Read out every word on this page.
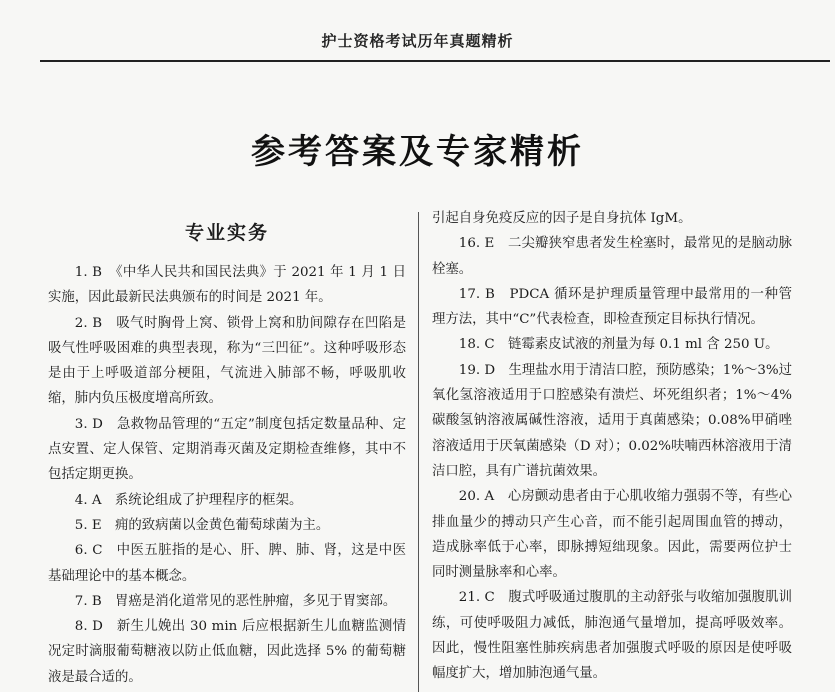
护士资格考试历年真题精析
参考答案及专家精析
专业实务

1. B　《中华人民共和国民法典》于 2021 年 1 月 1 日实施，因此最新民法典颁布的时间是 2021 年。

2. B　吸气时胸骨上窝、锁骨上窝和肋间隙存在凹陷是吸气性呼吸困难的典型表现，称为“三凹征”。这种呼吸形态是由于上呼吸道部分梗阻，气流进入肺部不畅，呼吸肌收缩，肺内负压极度增高所致。

3. D　急救物品管理的“五定”制度包括定数量品种、定点安置、定人保管、定期消毒灭菌及定期检查维修，其中不包括定期更换。

4. A　系统论组成了护理程序的框架。

5. E　痈的致病菌以金黄色葡萄球菌为主。

6. C　中医五脏指的是心、肝、脾、肺、肾，这是中医基础理论中的基本概念。

7. B　胃癌是消化道常见的恶性肿瘤，多见于胃窦部。

8. D　新生儿娩出 30 min 后应根据新生儿血糖监测情况定时滴服葡萄糖液以防止低血糖，因此选择 5% 的葡萄糖液是最合适的。

引起自身免疫反应的因子是自身抗体 IgM。

16. E　二尖瓣狭窄患者发生栓塞时，最常见的是脑动脉栓塞。

17. B　PDCA 循环是护理质量管理中最常用的一种管理方法，其中“C”代表检查，即检查预定目标执行情况。

18. C　链霉素皮试液的剂量为每 0.1 ml 含 250 U。

19. D　生理盐水用于清洁口腔，预防感染；1%～3%过氧化氢溶液适用于口腔感染有溃烂、坏死组织者；1%～4%碳酸氢钠溶液属碱性溶液，适用于真菌感染；0.08%甲硝唑溶液适用于厌氧菌感染（D 对）；0.02%呋喃西林溶液用于清洁口腔，具有广谱抗菌效果。

20. A　心房颤动患者由于心肌收缩力强弱不等，有些心排血量少的搏动只产生心音，而不能引起周围血管的搏动，造成脉率低于心率，即脉搏短绌现象。因此，需要两位护士同时测量脉率和心率。

21. C　腹式呼吸通过腹肌的主动舒张与收缩加强腹肌训练，可使呼吸阻力减低，肺泡通气量增加，提高呼吸效率。因此，慢性阻塞性肺疾病患者加强腹式呼吸的原因是使呼吸幅度扩大，增加肺泡通气量。
